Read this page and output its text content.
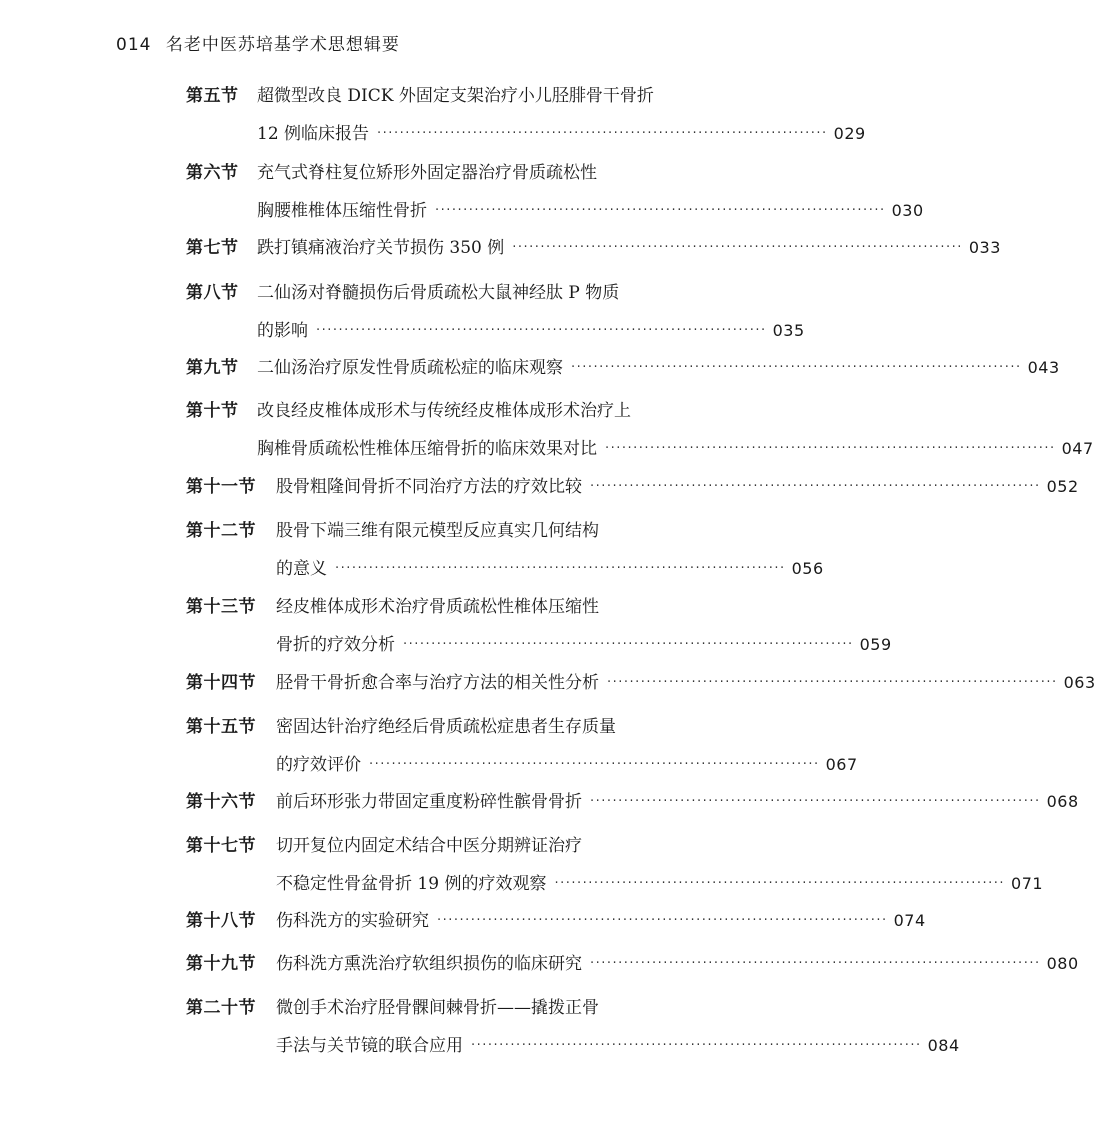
014 名老中医苏培基学术思想辑要
第五节 超微型改良 DICK 外固定支架治疗小儿胫腓骨干骨折
12 例临床报告 ················································································ 029
第六节 充气式脊柱复位矫形外固定器治疗骨质疏松性
胸腰椎椎体压缩性骨折 ················································································ 030
第七节 跌打镇痛液治疗关节损伤 350 例 ················································································ 033
第八节 二仙汤对脊髓损伤后骨质疏松大鼠神经肽 P 物质
的影响 ················································································ 035
第九节 二仙汤治疗原发性骨质疏松症的临床观察 ················································································ 043
第十节 改良经皮椎体成形术与传统经皮椎体成形术治疗上
胸椎骨质疏松性椎体压缩骨折的临床效果对比 ················································································ 047
第十一节 股骨粗隆间骨折不同治疗方法的疗效比较 ················································································ 052
第十二节 股骨下端三维有限元模型反应真实几何结构
的意义 ················································································ 056
第十三节 经皮椎体成形术治疗骨质疏松性椎体压缩性
骨折的疗效分析 ················································································ 059
第十四节 胫骨干骨折愈合率与治疗方法的相关性分析 ················································································ 063
第十五节 密固达针治疗绝经后骨质疏松症患者生存质量
的疗效评价 ················································································ 067
第十六节 前后环形张力带固定重度粉碎性髌骨骨折 ················································································ 068
第十七节 切开复位内固定术结合中医分期辨证治疗
不稳定性骨盆骨折 19 例的疗效观察 ················································································ 071
第十八节 伤科洗方的实验研究 ················································································ 074
第十九节 伤科洗方熏洗治疗软组织损伤的临床研究 ················································································ 080
第二十节 微创手术治疗胫骨髁间棘骨折——撬拨正骨
手法与关节镜的联合应用 ················································································ 084
